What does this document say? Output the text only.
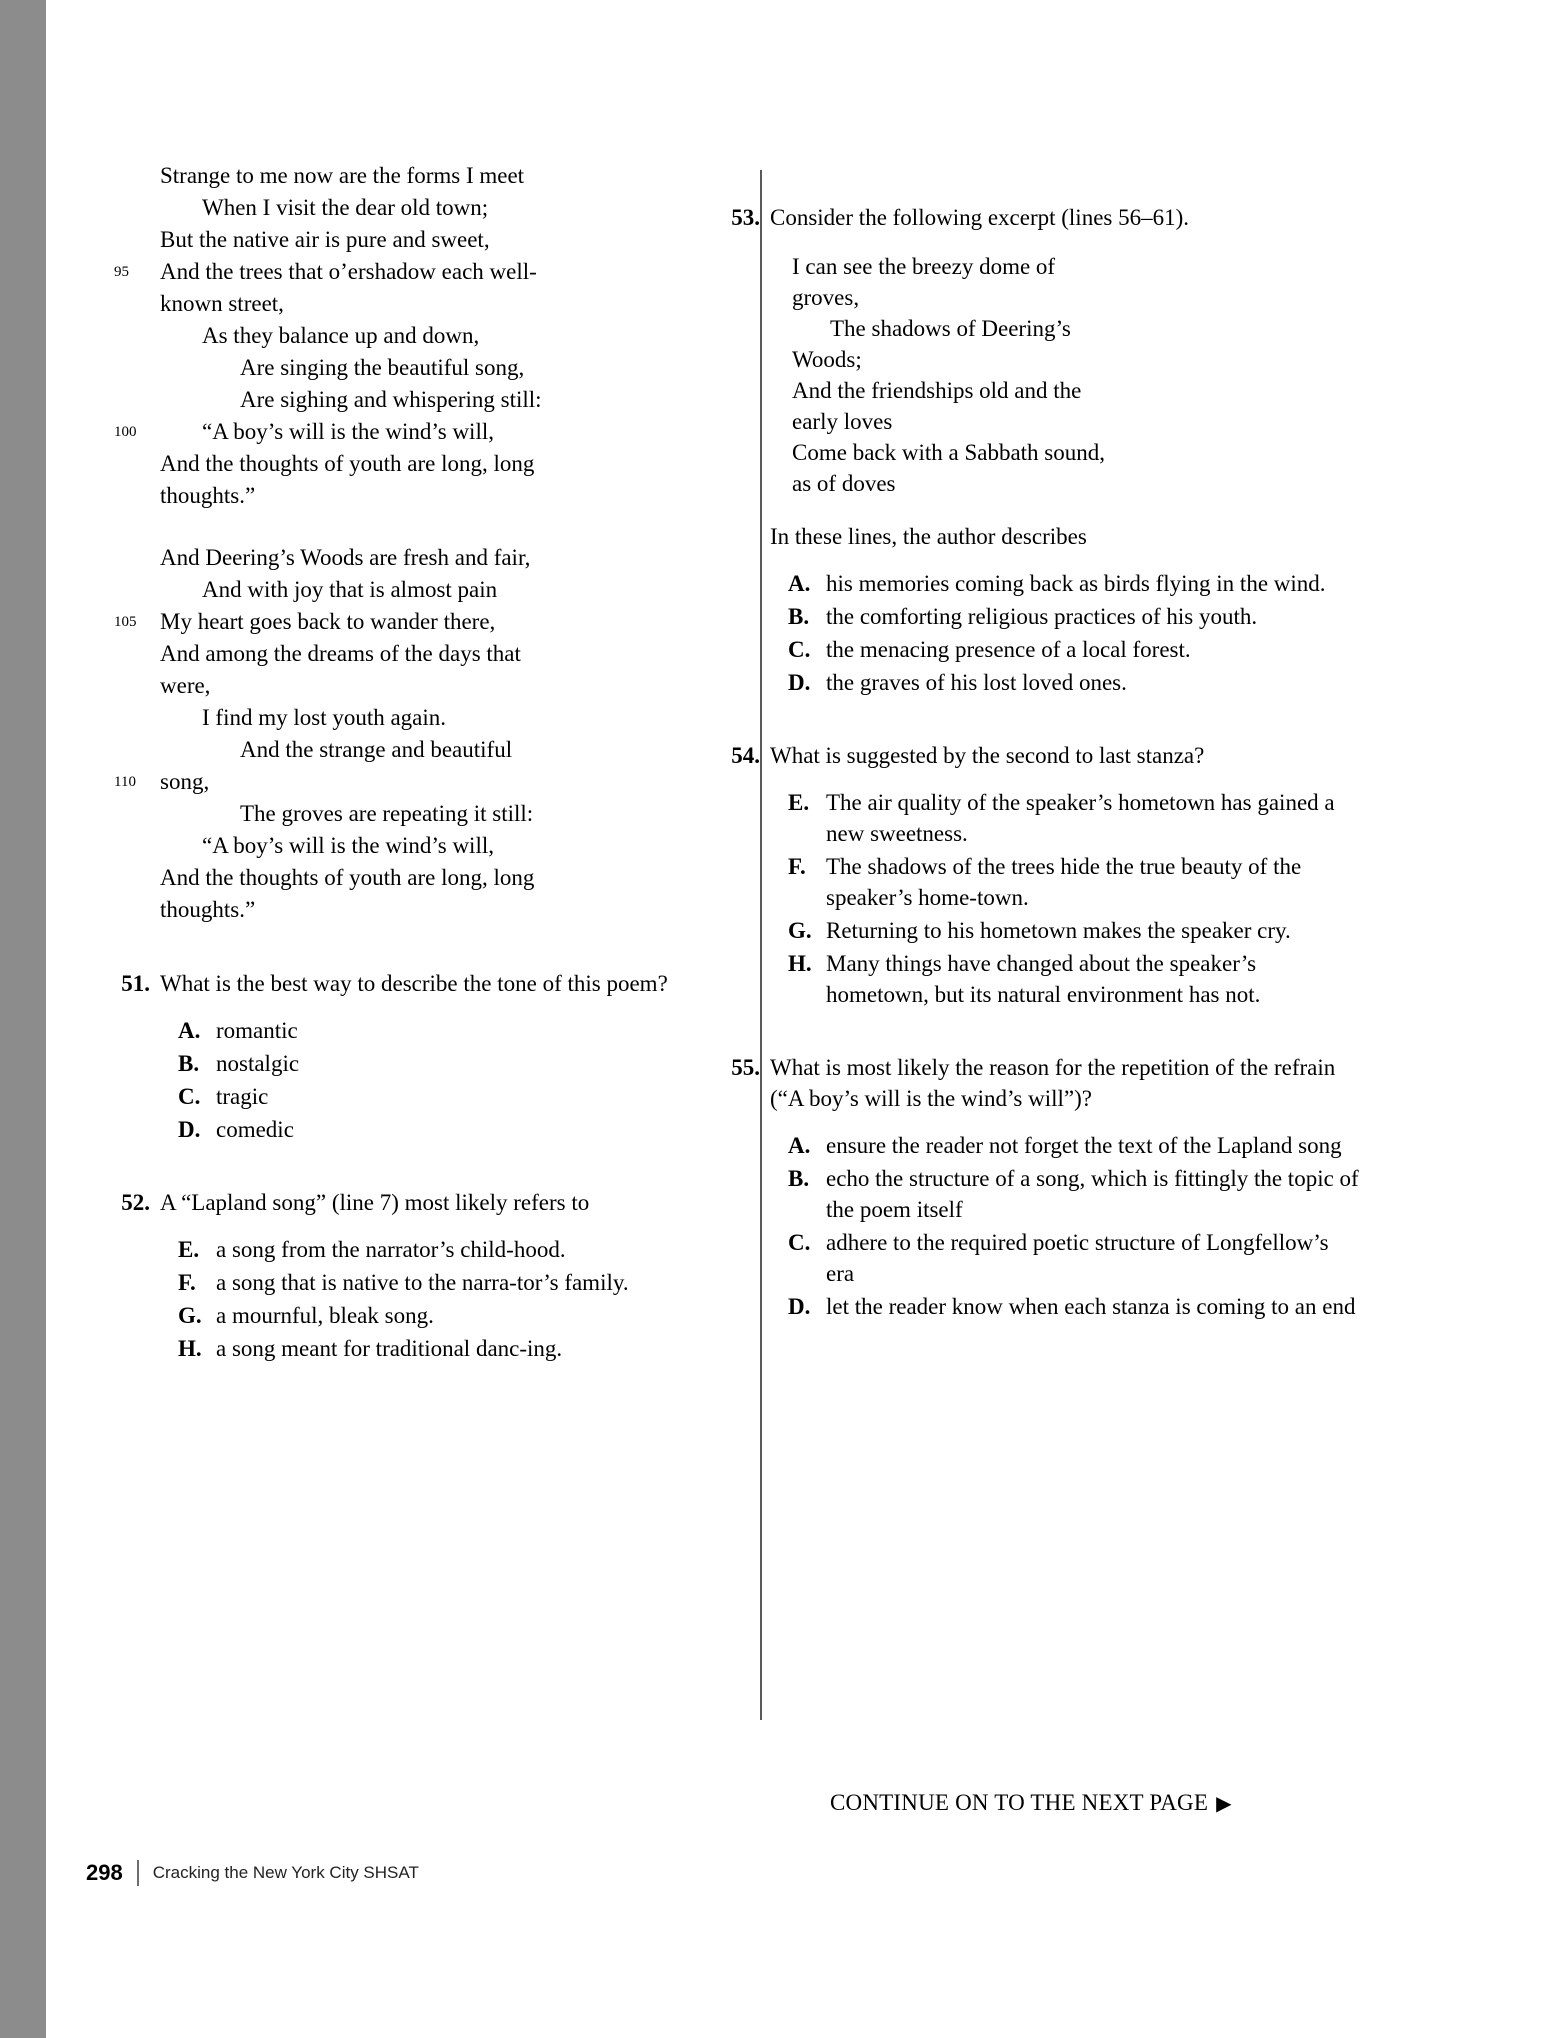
Strange to me now are the forms I meet
When I visit the dear old town;
But the native air is pure and sweet,
95 And the trees that o’ershadow each well-
known street,
As they balance up and down,
Are singing the beautiful song,
Are sighing and whispering still:
100	“A boy’s will is the wind’s will,
And the thoughts of youth are long, long
thoughts.”
And Deering’s Woods are fresh and fair,
And with joy that is almost pain
105 My heart goes back to wander there,
And among the dreams of the days that
were,
I find my lost youth again.
And the strange and beautiful
110 song,
The groves are repeating it still:
“A boy’s will is the wind’s will,
And the thoughts of youth are long, long
thoughts.”
51. What is the best way to describe the tone of this poem?
A. romantic
B. nostalgic
C. tragic
D. comedic
52. A “Lapland song” (line 7) most likely refers to
E. a song from the narrator’s child-hood.
F. a song that is native to the narra-tor’s family.
G. a mournful, bleak song.
H. a song meant for traditional danc-ing.
53. Consider the following excerpt (lines 56–61).
I can see the breezy dome of
groves,
The shadows of Deering’s
Woods;
And the friendships old and the
early loves
Come back with a Sabbath sound,
as of doves
In these lines, the author describes
A. his memories coming back as birds flying in the wind.
B. the comforting religious practices of his youth.
C. the menacing presence of a local forest.
D. the graves of his lost loved ones.
54. What is suggested by the second to last stanza?
E. The air quality of the speaker’s hometown has gained a new sweetness.
F. The shadows of the trees hide the true beauty of the speaker’s home-town.
G. Returning to his hometown makes the speaker cry.
H. Many things have changed about the speaker’s hometown, but its natural environment has not.
55. What is most likely the reason for the repetition of the refrain (“A boy’s will is the wind’s will”)?
A. ensure the reader not forget the text of the Lapland song
B. echo the structure of a song, which is fittingly the topic of the poem itself
C. adhere to the required poetic structure of Longfellow’s era
D. let the reader know when each stanza is coming to an end
CONTINUE ON TO THE NEXT PAGE ▶
298 Cracking the New York City SHSAT
